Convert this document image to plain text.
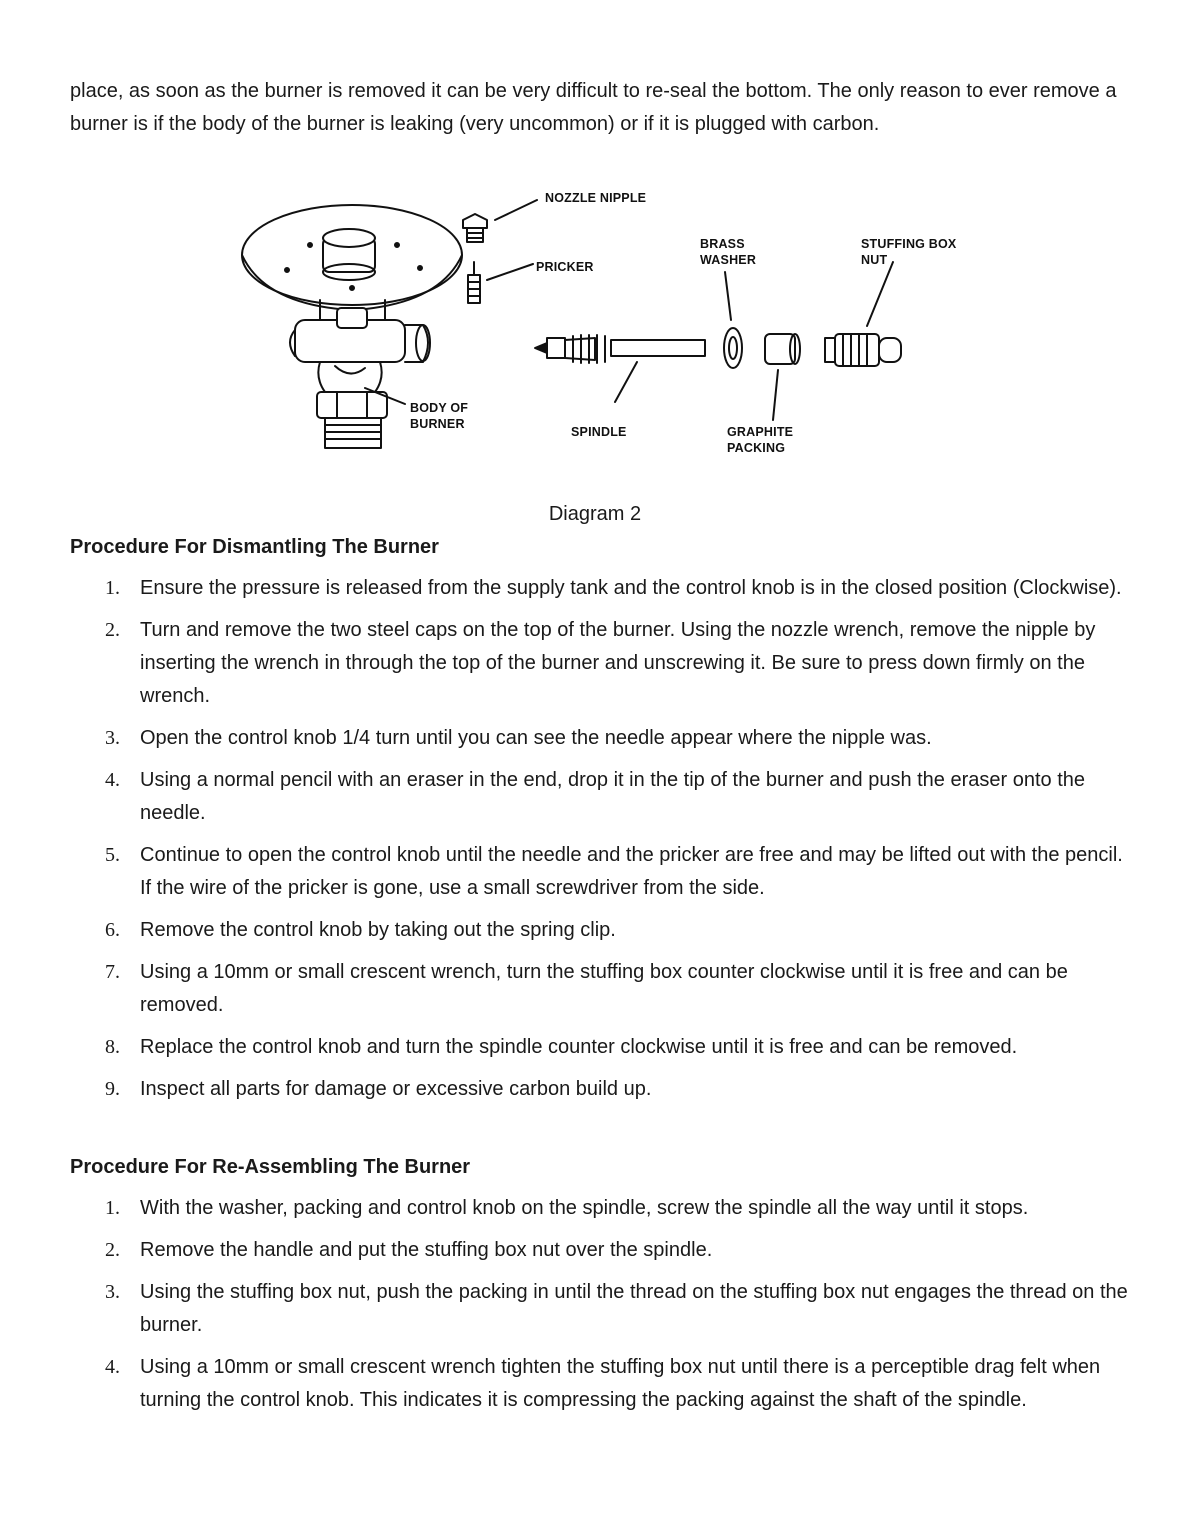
place, as soon as the burner is removed it can be very difficult to re-seal the bottom. The only reason to ever remove a burner is if the body of the burner is leaking (very uncommon) or if it is plugged with carbon.

NOZZLE NIPPLE
PRICKER
BRASS
WASHER
STUFFING BOX
NUT
BODY OF
BURNER
SPINDLE	GRAPHITE
PACKING
Diagram 2
Procedure For Dismantling The Burner
1.	Ensure the pressure is released from the supply tank and the control knob is in the closed position (Clockwise).
2.	Turn and remove the two steel caps on the top of the burner. Using the nozzle wrench, remove the nipple by inserting the wrench in through the top of the burner and unscrewing it. Be sure to press down firmly on the wrench.
3.	Open the control knob 1/4 turn until you can see the needle appear where the nipple was.
4.	Using a normal pencil with an eraser in the end, drop it in the tip of the burner and push the eraser onto the needle.
5.	Continue to open the control knob until the needle and the pricker are free and may be lifted out with the pencil. If the wire of the pricker is gone, use a small screwdriver from the side.
6.	Remove the control knob by taking out the spring clip.
7.	Using a 10mm or small crescent wrench, turn the stuffing box counter clockwise until it is free and can be removed.
8.	Replace the control knob and turn the spindle counter clockwise until it is free and can be removed.
9.	Inspect all parts for damage or excessive carbon build up.
Procedure For Re-Assembling The Burner
1.	With the washer, packing and control knob on the spindle, screw the spindle all the way until it stops.
2.	Remove the handle and put the stuffing box nut over the spindle.
3.	Using the stuffing box nut, push the packing in until the thread on the stuffing box nut engages the thread on the burner.
4.	Using a 10mm or small crescent wrench tighten the stuffing box nut until there is a perceptible drag felt when turning the control knob. This indicates it is compressing the packing against the shaft of the spindle.
